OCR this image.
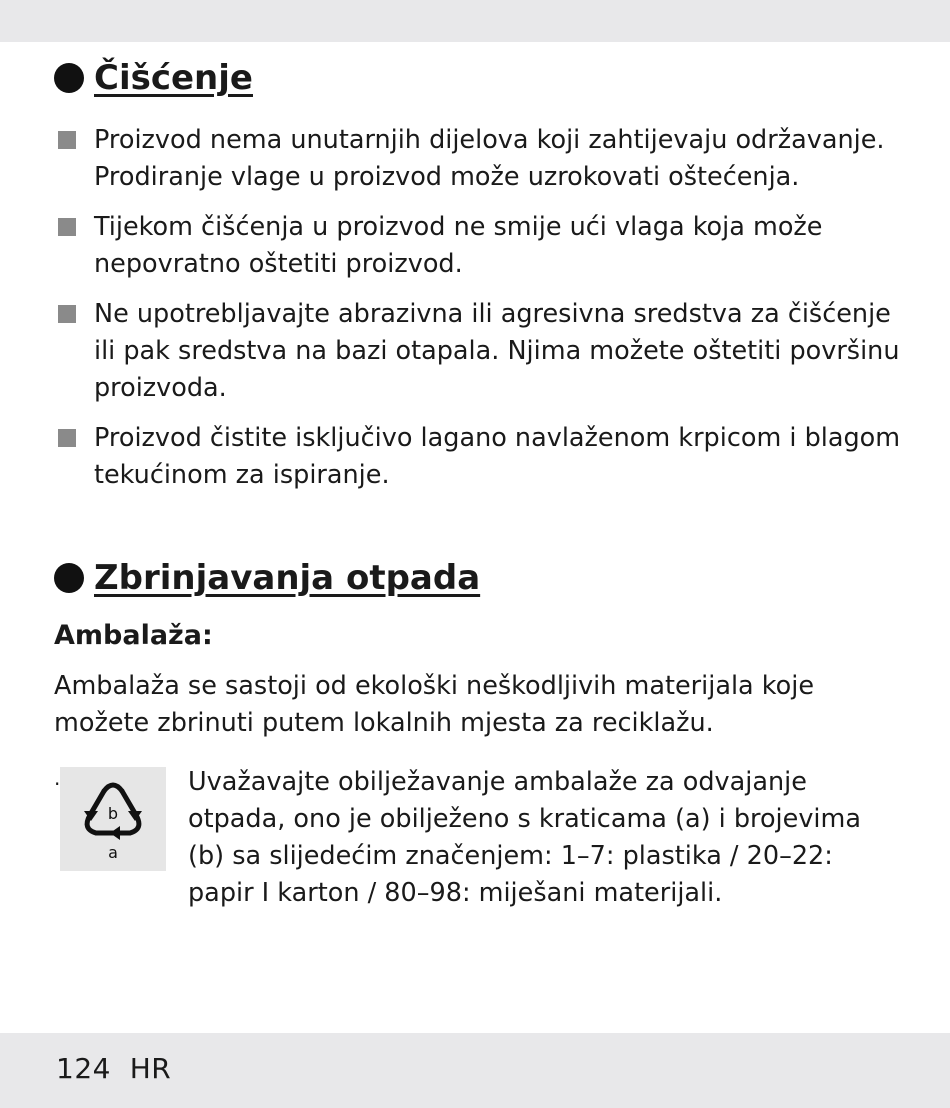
Čišćenje
Proizvod nema unutarnjih dijelova koji zahtijevaju održavanje. Prodiranje vlage u proizvod može uzrokovati oštećenja.
Tijekom čišćenja u proizvod ne smije ući vlaga koja može nepovratno oštetiti proizvod.
Ne upotrebljavajte abrazivna ili agresivna sredstva za čišćenje ili pak sredstva na bazi otapala. Njima možete oštetiti površinu proizvoda.
Proizvod čistite isključivo lagano navlaženom krpicom i blagom tekućinom za ispiranje.
Zbrinjavanja otpada
Ambalaža:
Ambalaža se sastoji od ekološki neškodljivih materijala koje možete zbrinuti putem lokalnih mjesta za reciklažu.
.
b
a
Uvažavajte obilježavanje ambalaže za odvajanje otpada, ono je obilježeno s kraticama (a) i brojevima (b) sa slijedećim značenjem: 1–7: plastika / 20–22: papir I karton / 80–98: miješani materijali.
124  HR
